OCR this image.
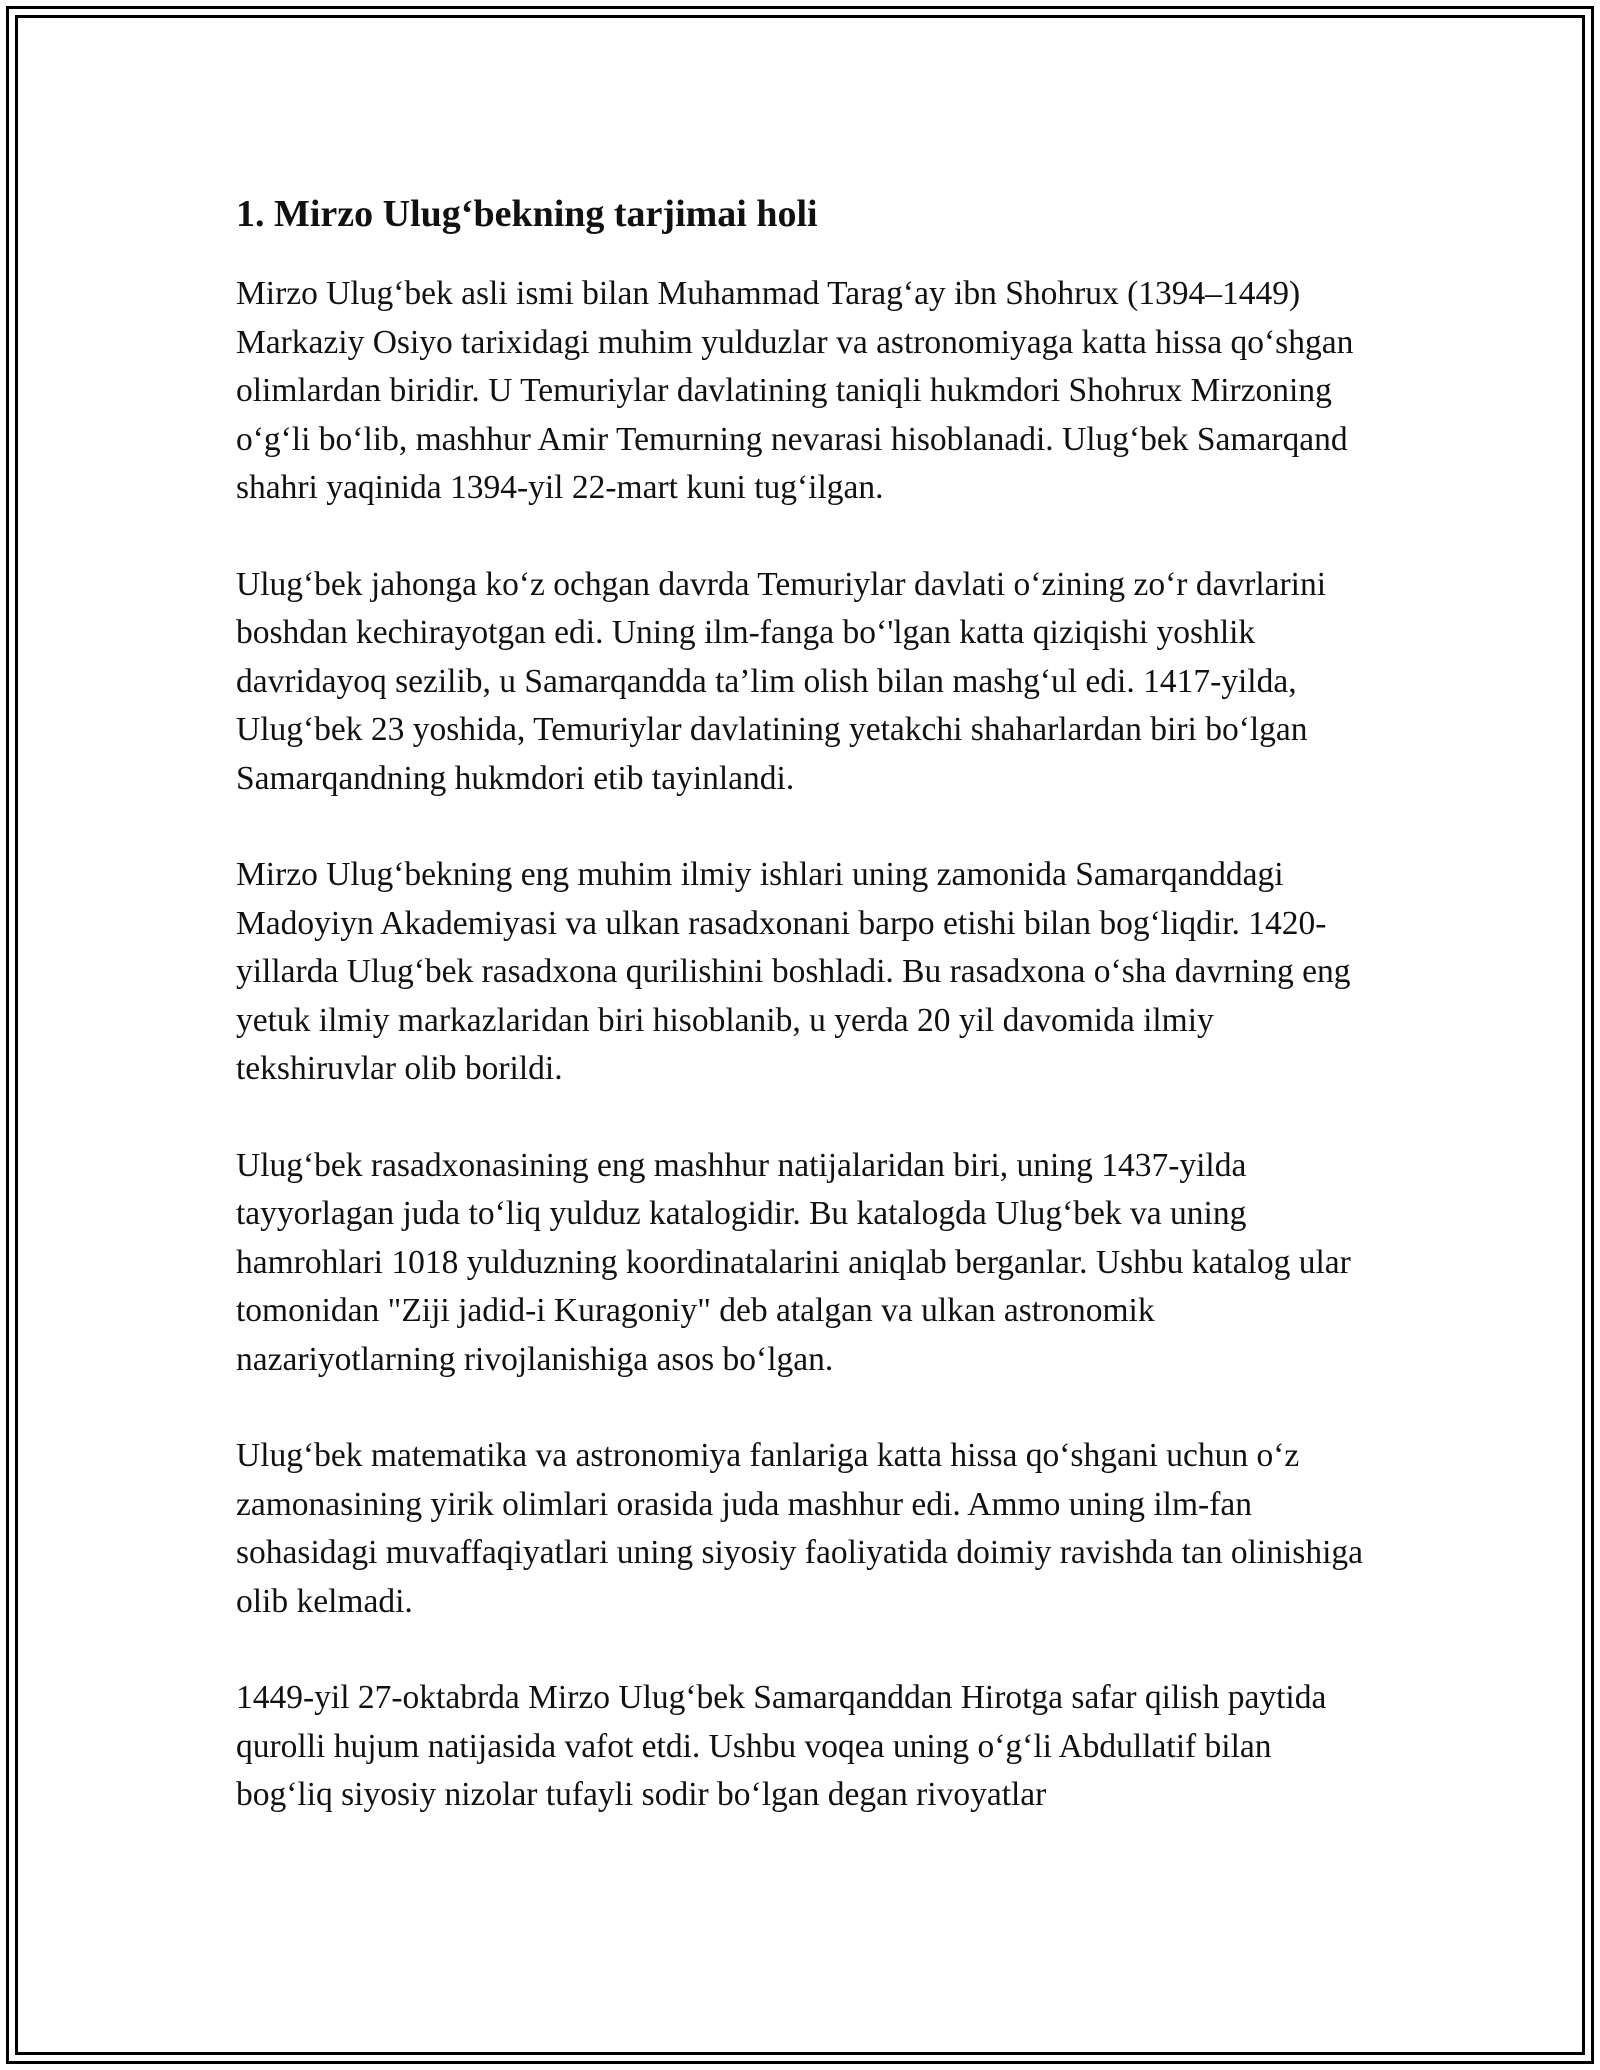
1. Mirzo Ulug‘bekning tarjimai holi

Mirzo Ulug‘bek asli ismi bilan Muhammad Tarag‘ay ibn Shohrux (1394–1449) Markaziy Osiyo tarixidagi muhim yulduzlar va astronomiyaga katta hissa qo‘shgan olimlardan biridir. U Temuriylar davlatining taniqli hukmdori Shohrux Mirzoning o‘g‘li bo‘lib, mashhur Amir Temurning nevarasi hisoblanadi. Ulug‘bek Samarqand shahri yaqinida 1394-yil 22-mart kuni tug‘ilgan.

Ulug‘bek jahonga ko‘z ochgan davrda Temuriylar davlati o‘zining zo‘r davrlarini boshdan kechirayotgan edi. Uning ilm-fanga bo‘'lgan katta qiziqishi yoshlik davridayoq sezilib, u Samarqandda ta’lim olish bilan mashg‘ul edi. 1417-yilda, Ulug‘bek 23 yoshida, Temuriylar davlatining yetakchi shaharlardan biri bo‘lgan Samarqandning hukmdori etib tayinlandi.

Mirzo Ulug‘bekning eng muhim ilmiy ishlari uning zamonida Samarqanddagi Madoyiyn Akademiyasi va ulkan rasadxonani barpo etishi bilan bog‘liqdir. 1420-yillarda Ulug‘bek rasadxona qurilishini boshladi. Bu rasadxona o‘sha davrning eng yetuk ilmiy markazlaridan biri hisoblanib, u yerda 20 yil davomida ilmiy tekshiruvlar olib borildi.

Ulug‘bek rasadxonasining eng mashhur natijalaridan biri, uning 1437-yilda tayyorlagan juda to‘liq yulduz katalogidir. Bu katalogda Ulug‘bek va uning hamrohlari 1018 yulduzning koordinatalarini aniqlab berganlar. Ushbu katalog ular tomonidan "Ziji jadid-i Kuragoniy" deb atalgan va ulkan astronomik nazariyotlarning rivojlanishiga asos bo‘lgan.

Ulug‘bek matematika va astronomiya fanlariga katta hissa qo‘shgani uchun o‘z zamonasining yirik olimlari orasida juda mashhur edi. Ammo uning ilm-fan sohasidagi muvaffaqiyatlari uning siyosiy faoliyatida doimiy ravishda tan olinishiga olib kelmadi.

1449-yil 27-oktabrda Mirzo Ulug‘bek Samarqanddan Hirotga safar qilish paytida qurolli hujum natijasida vafot etdi. Ushbu voqea uning o‘g‘li Abdullatif bilan bog‘liq siyosiy nizolar tufayli sodir bo‘lgan degan rivoyatlar
